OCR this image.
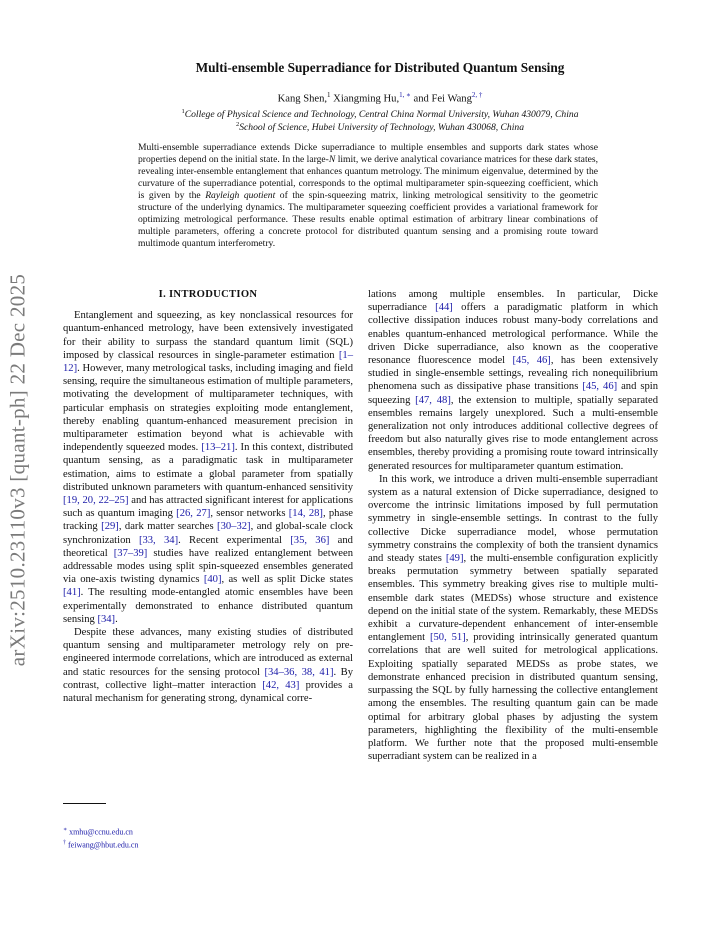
arXiv:2510.23110v3 [quant-ph] 22 Dec 2025
Multi-ensemble Superradiance for Distributed Quantum Sensing
Kang Shen,$^1$ Xiangming Hu,$^{1, ∗}$ and Fei Wang$^{2, \dagger}$
$^1$College of Physical Science and Technology, Central China Normal University, Wuhan 430079, China
$^2$School of Science, Hubei University of Technology, Wuhan 430068, China
Multi-ensemble superradiance extends Dicke superradiance to multiple ensembles and supports dark states whose properties depend on the initial state. In the large-N limit, we derive analytical covariance matrices for these dark states, revealing inter-ensemble entanglement that enhances quantum metrology. The minimum eigenvalue, determined by the curvature of the superradiance potential, corresponds to the optimal multiparameter spin-squeezing coefficient, which is given by the Rayleigh quotient of the spin-squeezing matrix, linking metrological sensitivity to the geometric structure of the underlying dynamics. The multiparameter squeezing coefficient provides a variational framework for optimizing metrological performance. These results enable optimal estimation of arbitrary linear combinations of multiple parameters, offering a concrete protocol for distributed quantum sensing and a promising route toward multimode quantum interferometry.
I. INTRODUCTION

Entanglement and squeezing, as key nonclassical resources for quantum-enhanced metrology, have been extensively investigated for their ability to surpass the standard quantum limit (SQL) imposed by classical resources in single-parameter estimation [1–12]. However, many metrological tasks, including imaging and field sensing, require the simultaneous estimation of multiple parameters, motivating the development of multiparameter techniques, with particular emphasis on strategies exploiting mode entanglement, thereby enabling quantum-enhanced measurement precision in multiparameter estimation beyond what is achievable with independently squeezed modes. [13–21]. In this context, distributed quantum sensing, as a paradigmatic task in multiparameter estimation, aims to estimate a global parameter from spatially distributed unknown parameters with quantum-enhanced sensitivity [19, 20, 22–25] and has attracted significant interest for applications such as quantum imaging [26, 27], sensor networks [14, 28], phase tracking [29], dark matter searches [30–32], and global-scale clock synchronization [33, 34]. Recent experimental [35, 36] and theoretical [37–39] studies have realized entanglement between addressable modes using split spin-squeezed ensembles generated via one-axis twisting dynamics [40], as well as split Dicke states [41]. The resulting mode-entangled atomic ensembles have been experimentally demonstrated to enhance distributed quantum sensing [34].

Despite these advances, many existing studies of distributed quantum sensing and multiparameter metrology rely on pre-engineered intermode correlations, which are introduced as external and static resources for the sensing protocol [34–36, 38, 41]. By contrast, collective light–matter interaction [42, 43] provides a natural mechanism for generating strong, dynamical corre-

lations among multiple ensembles. In particular, Dicke superradiance [44] offers a paradigmatic platform in which collective dissipation induces robust many-body correlations and enables quantum-enhanced metrological performance. While the driven Dicke superradiance, also known as the cooperative resonance fluorescence model [45, 46], has been extensively studied in single-ensemble settings, revealing rich nonequilibrium phenomena such as dissipative phase transitions [45, 46] and spin squeezing [47, 48], the extension to multiple, spatially separated ensembles remains largely unexplored. Such a multi-ensemble generalization not only introduces additional collective degrees of freedom but also naturally gives rise to mode entanglement across ensembles, thereby providing a promising route toward intrinsically generated resources for multiparameter quantum estimation.

In this work, we introduce a driven multi-ensemble superradiant system as a natural extension of Dicke superradiance, designed to overcome the intrinsic limitations imposed by full permutation symmetry in single-ensemble settings. In contrast to the fully collective Dicke superradiance model, whose permutation symmetry constrains the complexity of both the transient dynamics and steady states [49], the multi-ensemble configuration explicitly breaks permutation symmetry between spatially separated ensembles. This symmetry breaking gives rise to multiple multi-ensemble dark states (MEDSs) whose structure and existence depend on the initial state of the system. Remarkably, these MEDSs exhibit a curvature-dependent enhancement of inter-ensemble entanglement [50, 51], providing intrinsically generated quantum correlations that are well suited for metrological applications. Exploiting spatially separated MEDSs as probe states, we demonstrate enhanced precision in distributed quantum sensing, surpassing the SQL by fully harnessing the collective entanglement among the ensembles. The resulting quantum gain can be made optimal for arbitrary global phases by adjusting the system parameters, highlighting the flexibility of the multi-ensemble platform. We further note that the proposed multi-ensemble superradiant system can be realized in a

∗ xmhu@ccnu.edu.cn
† feiwang@hbut.edu.cn
